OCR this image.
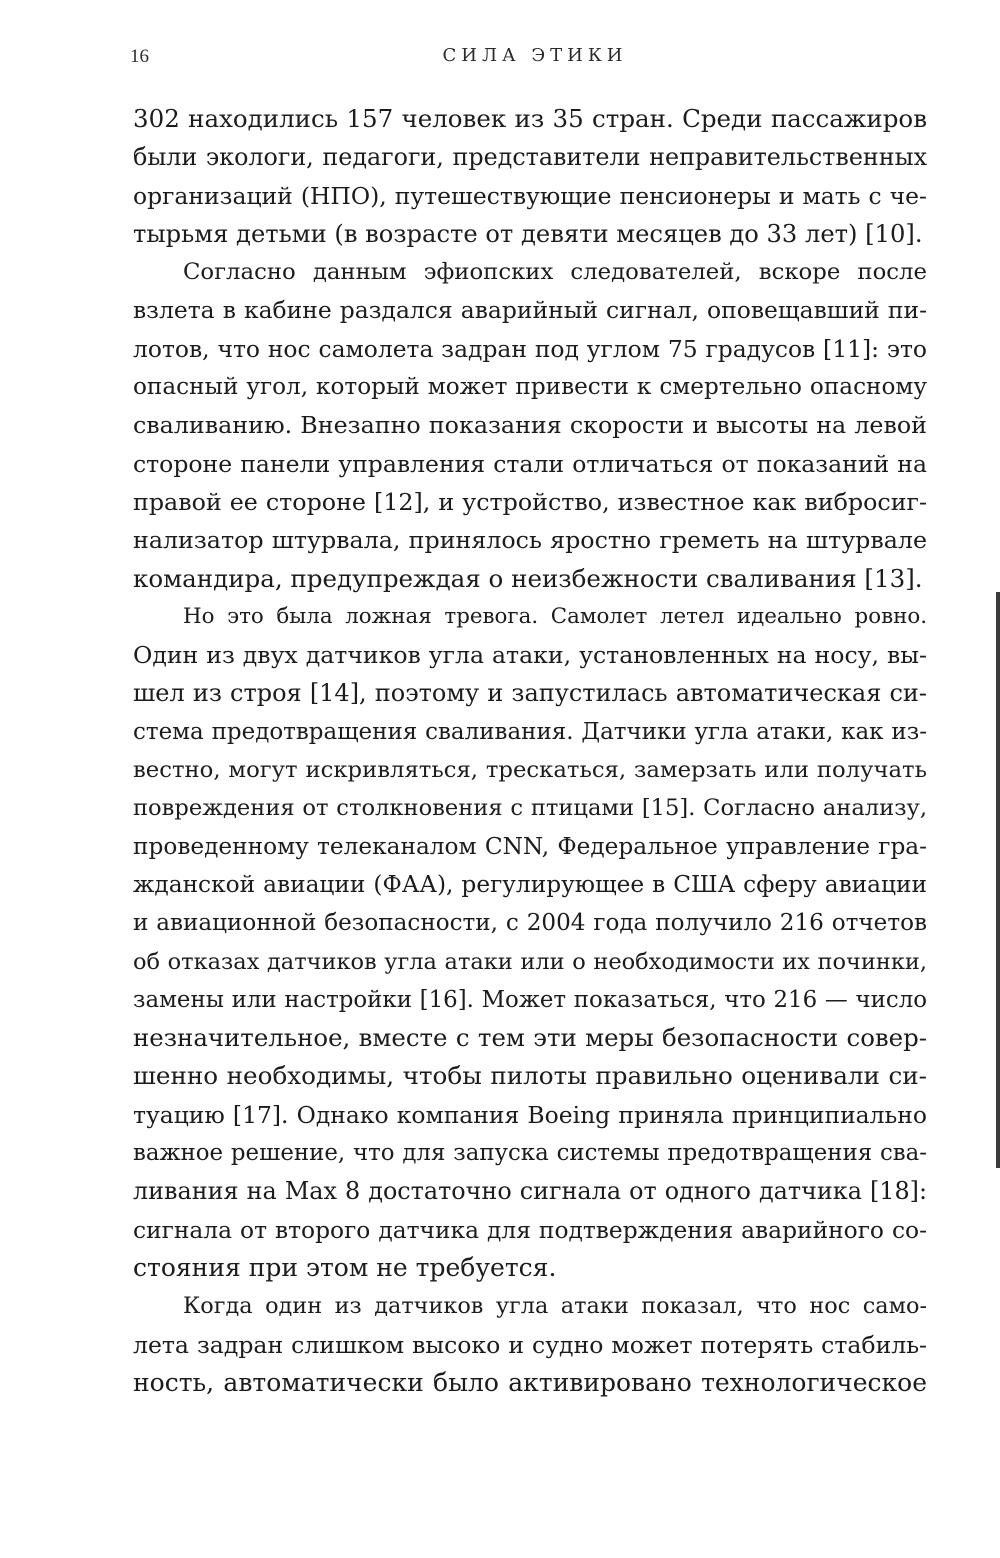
16	СИЛА ЭТИКИ

302 находились 157 человек из 35 стран. Среди пассажиров
были экологи, педагоги, представители неправительственных
организаций (НПО), путешествующие пенсионеры и мать с че-
тырьмя детьми (в возрасте от девяти месяцев до 33 лет) [10].

Согласно данным эфиопских следователей, вскоре после
взлета в кабине раздался аварийный сигнал, оповещавший пи-
лотов, что нос самолета задран под углом 75 градусов [11]: это
опасный угол, который может привести к смертельно опасному
сваливанию. Внезапно показания скорости и высоты на левой
стороне панели управления стали отличаться от показаний на
правой ее стороне [12], и устройство, известное как вибросиг-
нализатор штурвала, принялось яростно греметь на штурвале
командира, предупреждая о неизбежности сваливания [13].

Но это была ложная тревога. Самолет летел идеально ровно.
Один из двух датчиков угла атаки, установленных на носу, вы-
шел из строя [14], поэтому и запустилась автоматическая си-
стема предотвращения сваливания. Датчики угла атаки, как из-
вестно, могут искривляться, трескаться, замерзать или получать
повреждения от столкновения с птицами [15]. Согласно анализу,
проведенному телеканалом CNN, Федеральное управление гра-
жданской авиации (ФАА), регулирующее в США сферу авиации
и авиационной безопасности, с 2004 года получило 216 отчетов
об отказах датчиков угла атаки или о необходимости их починки,
замены или настройки [16]. Может показаться, что 216 — число
незначительное, вместе с тем эти меры безопасности совер-
шенно необходимы, чтобы пилоты правильно оценивали си-
туацию [17]. Однако компания Boeing приняла принципиально
важное решение, что для запуска системы предотвращения сва-
ливания на Max 8 достаточно сигнала от одного датчика [18]:
сигнала от второго датчика для подтверждения аварийного со-
стояния при этом не требуется.

Когда один из датчиков угла атаки показал, что нос само-
лета задран слишком высоко и судно может потерять стабиль-
ность, автоматически было активировано технологическое
